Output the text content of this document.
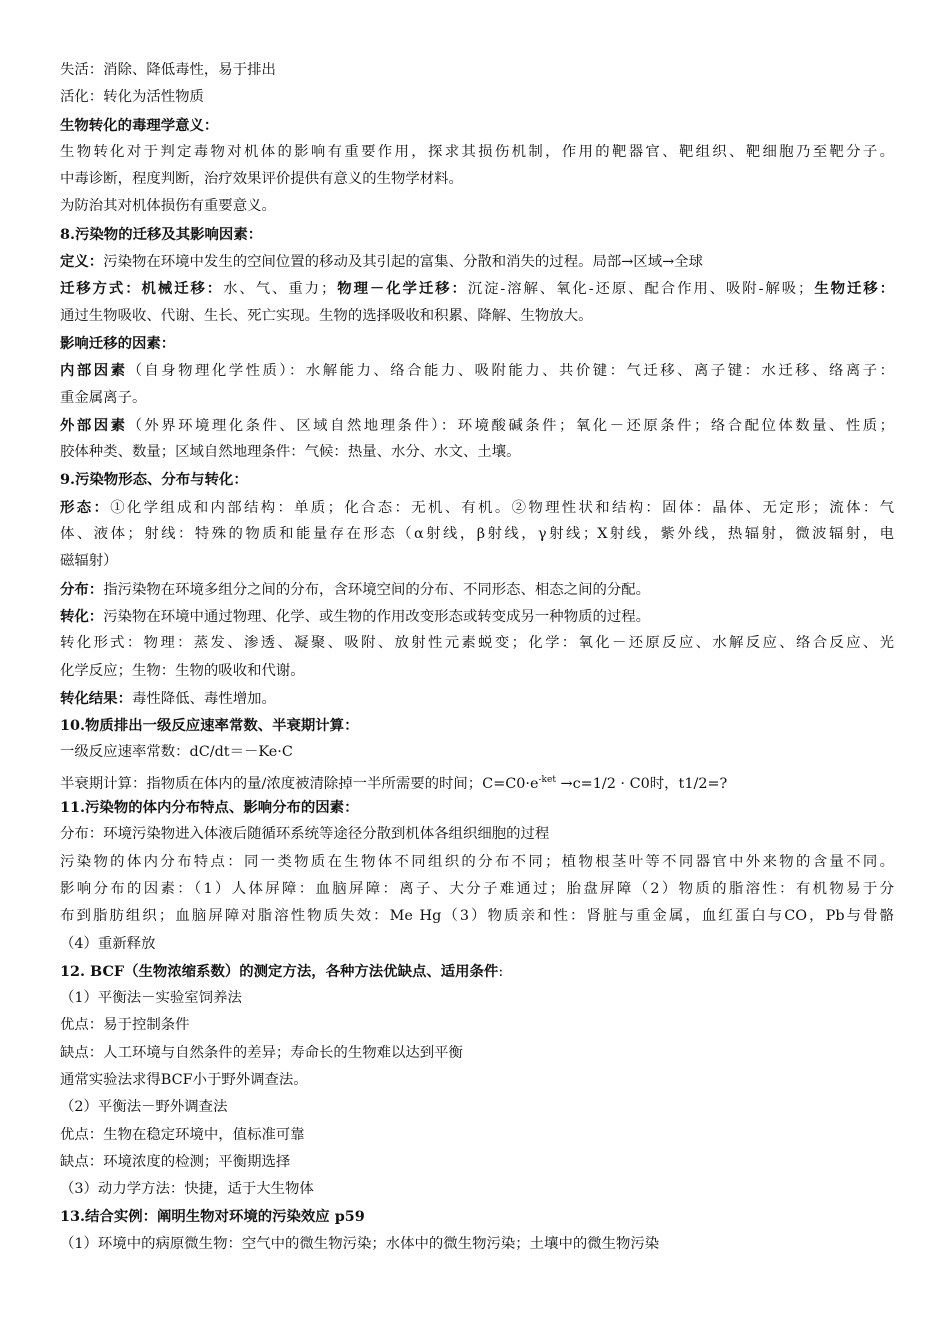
失活：消除、降低毒性，易于排出
活化：转化为活性物质
生物转化的毒理学意义：
生物转化对于判定毒物对机体的影响有重要作用，探求其损伤机制，作用的靶器官、靶组织、靶细胞乃至靶分子。
中毒诊断，程度判断，治疗效果评价提供有意义的生物学材料。
为防治其对机体损伤有重要意义。
8.污染物的迁移及其影响因素：
定义：污染物在环境中发生的空间位置的移动及其引起的富集、分散和消失的过程。局部→区域→全球
迁移方式：机械迁移：水、气、重力；物理－化学迁移：沉淀-溶解、氧化-还原、配合作用、吸附-解吸；生物迁移：
通过生物吸收、代谢、生长、死亡实现。生物的选择吸收和积累、降解、生物放大。
影响迁移的因素：
内部因素（自身物理化学性质）：水解能力、络合能力、吸附能力、共价键：气迁移、离子键：水迁移、络离子：
重金属离子。
外部因素（外界环境理化条件、区域自然地理条件）：环境酸碱条件；氧化－还原条件；络合配位体数量、性质；
胶体种类、数量；区域自然地理条件：气候：热量、水分、水文、土壤。
9.污染物形态、分布与转化：
形态：①化学组成和内部结构：单质；化合态：无机、有机。②物理性状和结构：固体：晶体、无定形；流体：气
体、液体；射线：特殊的物质和能量存在形态（α射线，β射线，γ射线；X射线，紫外线，热辐射，微波辐射，电
磁辐射）
分布：指污染物在环境多组分之间的分布，含环境空间的分布、不同形态、相态之间的分配。
转化：污染物在环境中通过物理、化学、或生物的作用改变形态或转变成另一种物质的过程。
转化形式：物理：蒸发、渗透、凝聚、吸附、放射性元素蜕变；化学：氧化－还原反应、水解反应、络合反应、光
化学反应；生物：生物的吸收和代谢。
转化结果：毒性降低、毒性增加。
10.物质排出一级反应速率常数、半衰期计算：
一级反应速率常数：dC/dt＝－Ke·C
半衰期计算：指物质在体内的量/浓度被清除掉一半所需要的时间；$C=C0\cdot e^{-ket} \to c=1/2 \cdot C0$时，t1/2=?
11.污染物的体内分布特点、影响分布的因素：
分布：环境污染物进入体液后随循环系统等途径分散到机体各组织细胞的过程
污染物的体内分布特点：同一类物质在生物体不同组织的分布不同；植物根茎叶等不同器官中外来物的含量不同。
影响分布的因素：（1）人体屏障：血脑屏障：离子、大分子难通过；胎盘屏障（2）物质的脂溶性：有机物易于分
布到脂肪组织；血脑屏障对脂溶性物质失效：Me Hg（3）物质亲和性：肾脏与重金属，血红蛋白与CO，Pb与骨骼
（4）重新释放
12. BCF（生物浓缩系数）的测定方法，各种方法优缺点、适用条件:
（1）平衡法－实验室饲养法
优点：易于控制条件
缺点：人工环境与自然条件的差异；寿命长的生物难以达到平衡
通常实验法求得BCF小于野外调查法。
（2）平衡法－野外调查法
优点：生物在稳定环境中，值标准可靠
缺点：环境浓度的检测；平衡期选择
（3）动力学方法：快捷，适于大生物体
13.结合实例：阐明生物对环境的污染效应 p59
（1）环境中的病原微生物：空气中的微生物污染；水体中的微生物污染；土壤中的微生物污染
